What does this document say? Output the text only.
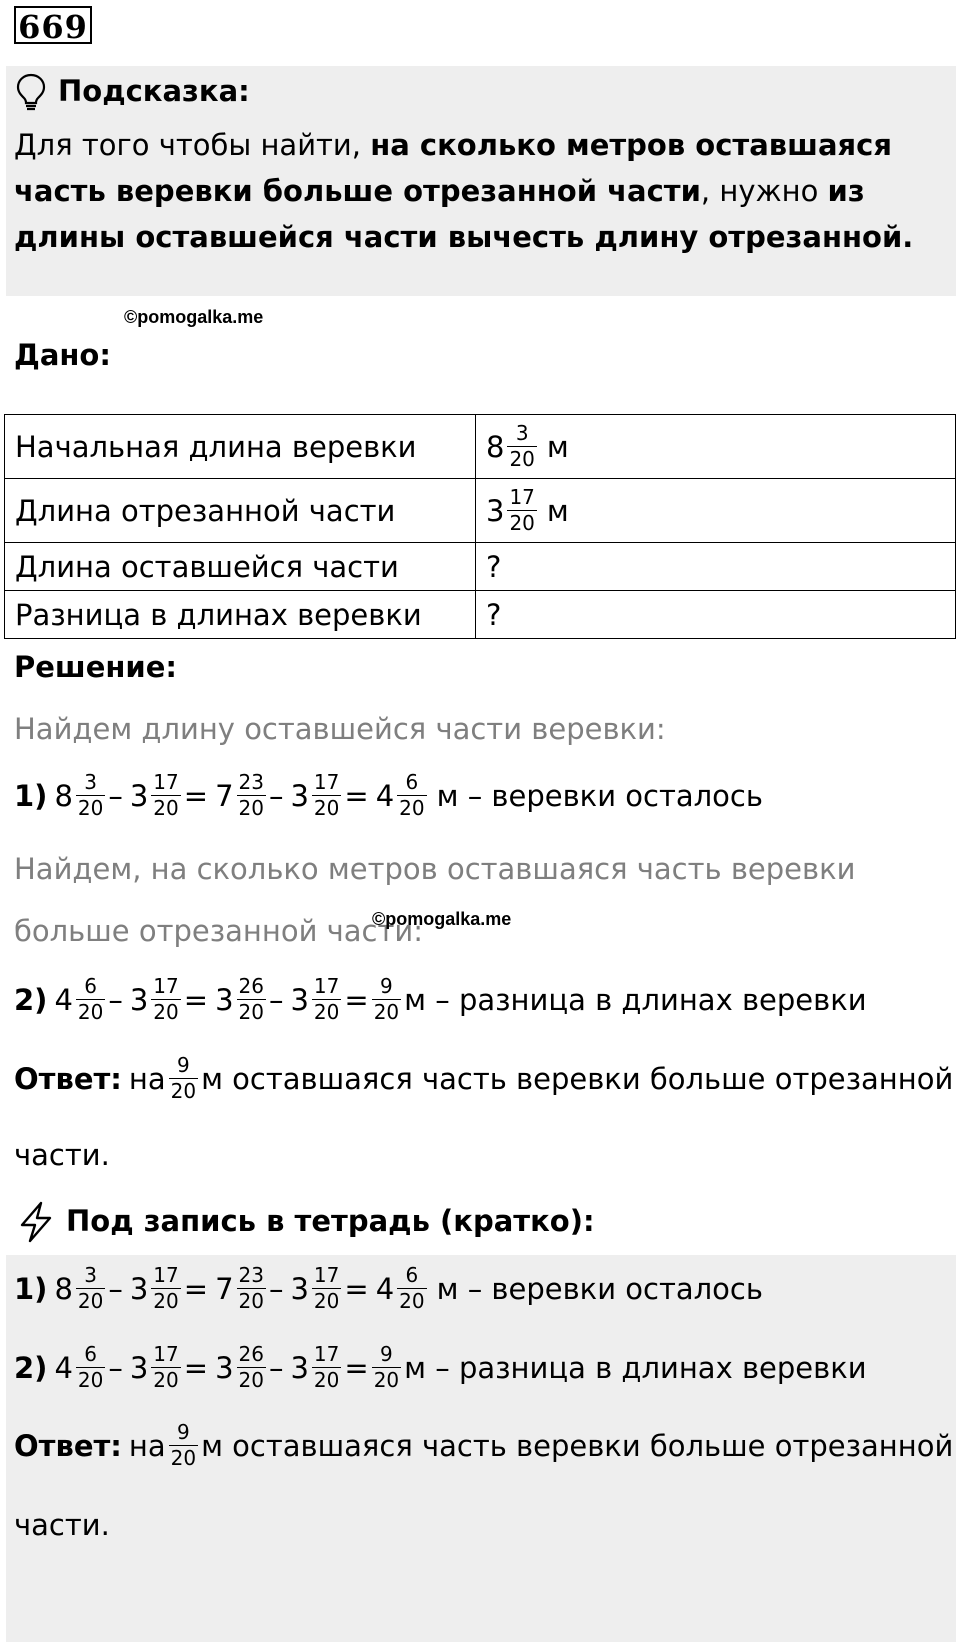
669
Подсказка:
Для того чтобы найти, на сколько метров оставшаяся часть веревки больше отрезанной части, нужно из длины оставшейся части вычесть длину отрезанной.
©pomogalka.me
Дано:
Начальная длина веревки	$8 \frac{3}{20}$ м

Длина отрезанной части	$3 \frac{17}{20}$ м

Длина оставшейся части	?
Разница в длинах веревки	?
Решение:
Найдем длину оставшейся части веревки:
1) $8 \frac{3}{20} - 3 \frac{17}{20} = 7 \frac{23}{20} - 3 \frac{17}{20} = 4 \frac{6}{20}$ м – веревки осталось
Найдем, на сколько метров оставшаяся часть веревки
больше отрезанной части:
©pomogalka.me
2) $4 \frac{6}{20} - 3 \frac{17}{20} = 3 \frac{26}{20} - 3 \frac{17}{20} = \frac{9}{20}$ м – разница в длинах веревки
Ответ: на $\frac{9}{20}$ м оставшаяся часть веревки больше отрезанной
части.
Под запись в тетрадь (кратко):
1) $8 \frac{3}{20} - 3 \frac{17}{20} = 7 \frac{23}{20} - 3 \frac{17}{20} = 4 \frac{6}{20}$ м – веревки осталось
2) $4 \frac{6}{20} - 3 \frac{17}{20} = 3 \frac{26}{20} - 3 \frac{17}{20} = \frac{9}{20}$ м – разница в длинах веревки
Ответ: на $\frac{9}{20}$ м оставшаяся часть веревки больше отрезанной
части.
